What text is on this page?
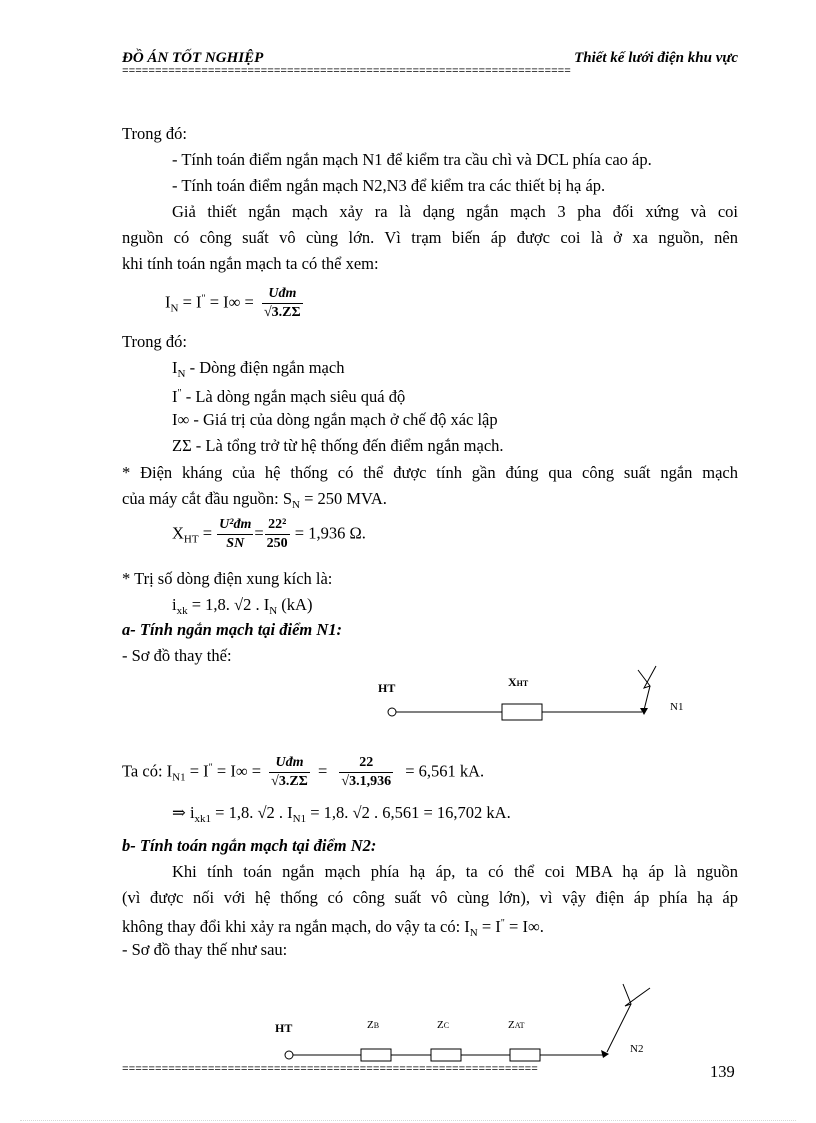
ĐỒ ÁN TỐT NGHIỆP	Thiết kế lưới điện khu vực
====================================================================
Trong đó:
- Tính toán điểm ngắn mạch N1 để kiểm tra cầu chì và DCL phía cao áp.
- Tính toán điểm ngắn mạch N2,N3 để kiểm tra các thiết bị hạ áp.
Giả thiết ngắn mạch xảy ra là dạng ngắn mạch 3 pha đối xứng và coi
nguồn có công suất vô cùng lớn. Vì trạm biến áp được coi là ở xa nguồn, nên
khi tính toán ngắn mạch ta có thể xem:
$I_N = I^" = I\infty = \frac{\text{Uđm}}{√3.Z\Sigma}$
Trong đó:
$I_N$ - Dòng điện ngắn mạch
I" - Là dòng ngắn mạch siêu quá độ
I∞ - Giá trị của dòng ngắn mạch ở chế độ xác lập
ZΣ - Là tổng trở từ hệ thống đến điểm ngắn mạch.
* Điện kháng của hệ thống có thể được tính gần đúng qua công suất ngắn mạch
của máy cắt đầu nguồn: $S_N = 250$ MVA.
$X_{HT} = \frac{\text{U²đm}}{SN} = \frac{\text{22²}}{250} = 1,936$ Ω.
* Trị số dòng điện xung kích là:
$i_{xk} = 1,8$. √2 . $I_N$ (kA)
a- Tính ngắn mạch tại điểm N1:
- Sơ đồ thay thế:
HT	XHT
N1
Ta có: $I_{N1} = I^" = I\infty = \frac{\text{Uđm}}{√3.Z\Sigma} = \frac{22}{√3.1,936} = 6,561$ kA.
⇒ $i_{xk1} = 1,8$. √2 . $I_{N1} = 1,8$. √2 . 6,561 = 16,702 kA.
b- Tính toán ngắn mạch tại điểm N2:
Khi tính toán ngắn mạch phía hạ áp, ta có thể coi MBA hạ áp là nguồn
(vì được nối với hệ thống có công suất vô cùng lớn), vì vậy điện áp phía hạ áp
không thay đổi khi xảy ra ngắn mạch, do vậy ta có: $I_N = I^" = I\infty$.
- Sơ đồ thay thế như sau:
HT	ZB	ZC	ZAT
N2
===============================================================	139
